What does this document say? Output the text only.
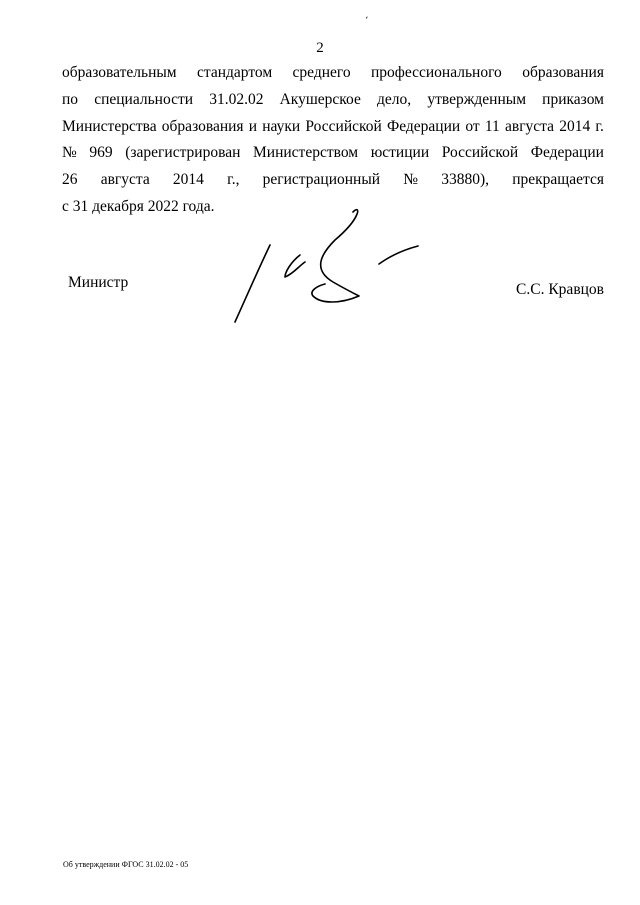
ˊ
2
образовательным стандартом среднего профессионального образования
по специальности 31.02.02 Акушерское дело, утвержденным приказом
Министерства образования и науки Российской Федерации от 11 августа 2014 г.
№ 969 (зарегистрирован Министерством юстиции Российской Федерации
26 августа 2014 г., регистрационный № 33880), прекращается
с 31 декабря 2022 года.
Министр	С.С. Кравцов
Об утверждении ФГОС 31.02.02 - 05
